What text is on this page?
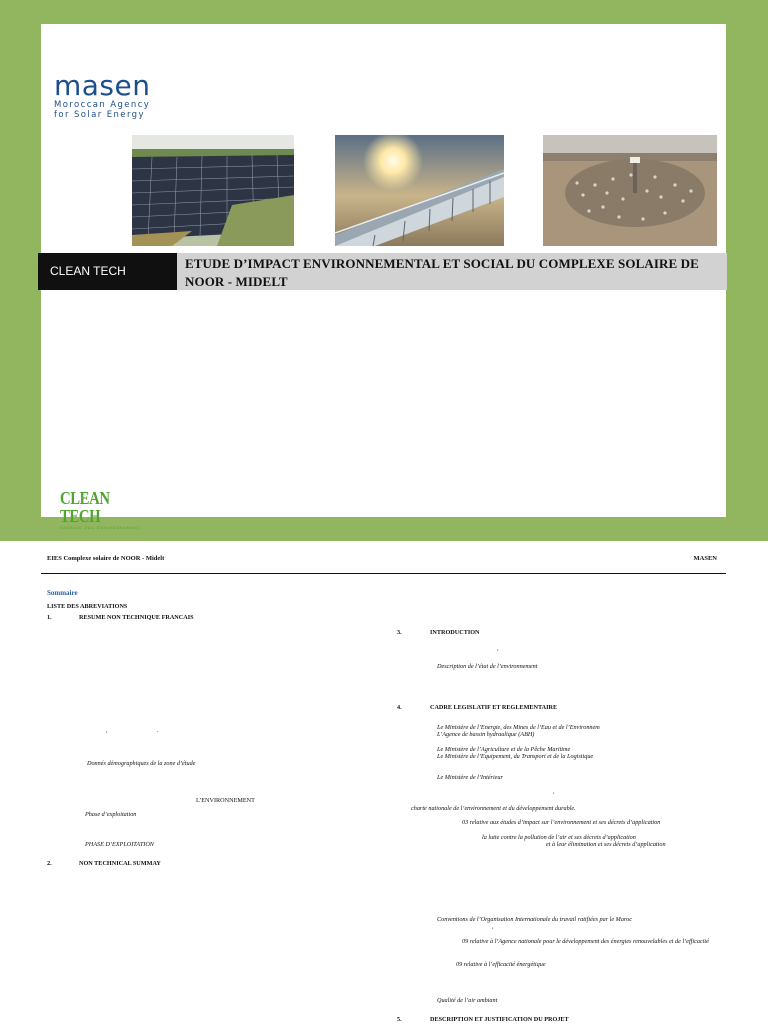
masen
Moroccan Agency
for Solar Energy
CLEAN TECH	ETUDE D’IMPACT ENVIRONNEMENTAL ET SOCIAL DU COMPLEXE SOLAIRE DE
NOOR - MIDELT
CLEAN TECH
ENERGIE EAU ENVIRONNEMENT
EIES Complexe solaire de NOOR - Midelt	MASEN
Sommaire
LISTE DES ABREVIATIONS
1.	RESUME NON TECHNIQUE FRANCAIS
,	.
Donnés démographiques de la zone d’étude
L’ENVIRONNEMENT
Phase d’exploitation
PHASE D’EXPLOITATION
2.	NON TECHNICAL SUMMAY
3.	INTRODUCTION
,
Description de l’état de l’environnement
4.	CADRE LEGISLATIF ET REGLEMENTAIRE
Le Ministère de l’Energie, des Mines de l’Eau et de l’Environnem
L’Agence de bassin hydraulique (ABH)
Le Ministère de l’Agriculture et de la Pêche Maritime
Le Ministère de l’Equipement, du Transport et de la Logistique
Le Ministère de l’Intérieur
,
charte nationale de l’environnement et du développement durable.
03 relative aux études d’impact sur l’environnement et ses décrets d’application
la lutte contre la pollution de l’air et ses décrets d’application
et à leur élimination et ses décrets d’application
Conventions de l’Organisation Internationale du travail ratifiées par le Maroc
,
09 relative à l’Agence nationale pour le développement des énergies renouvelables et de l’efficacité
09 relative à l’efficacité énergétique
Qualité de l’air ambiant
5.	DESCRIPTION ET JUSTIFICATION DU PROJET
